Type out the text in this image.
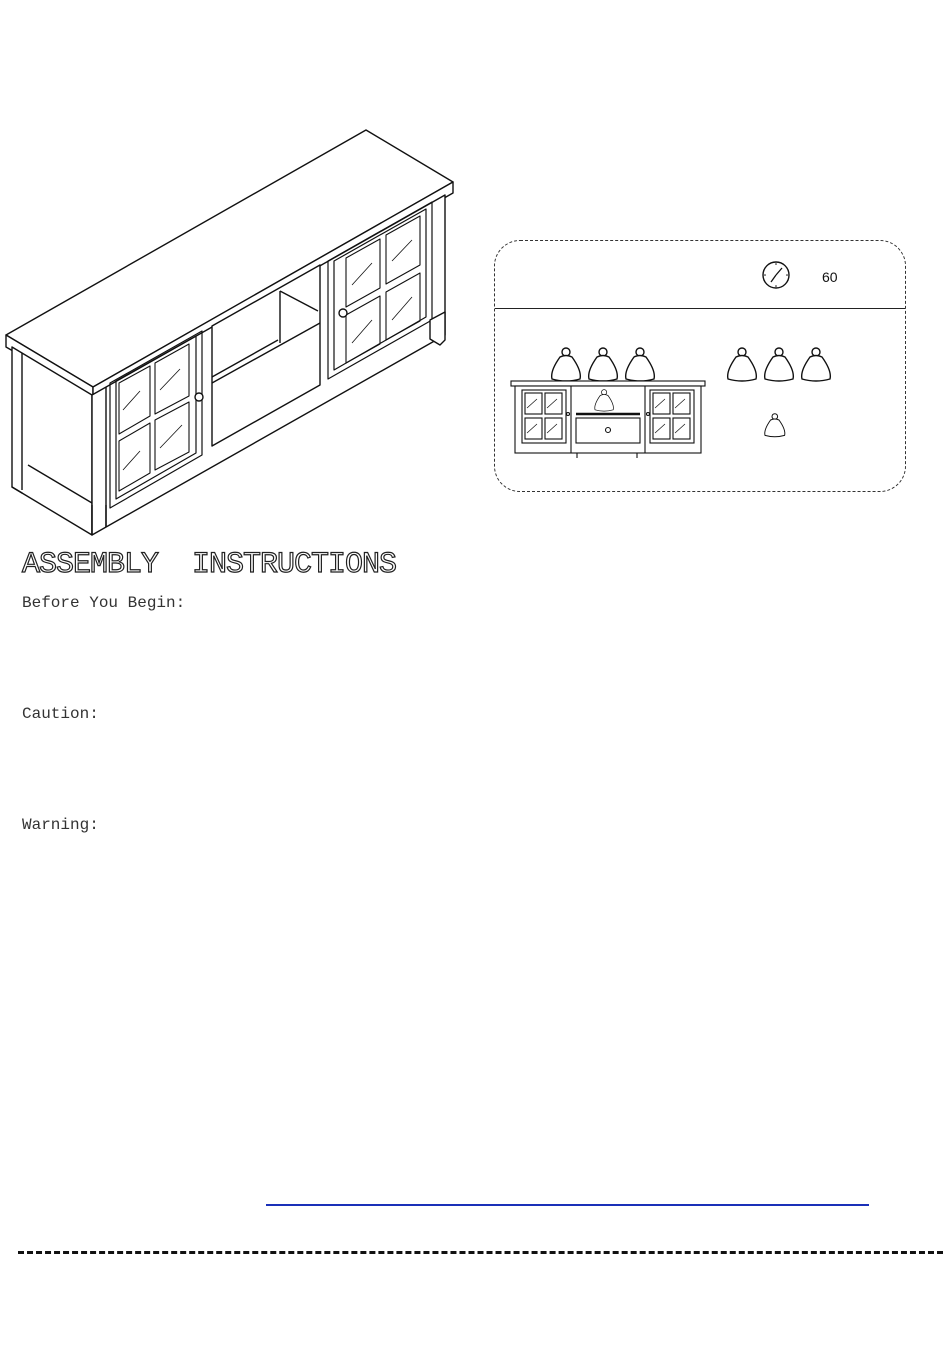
60
ASSEMBLY  INSTRUCTIONS
Before You Begin:
Caution:
Warning:
